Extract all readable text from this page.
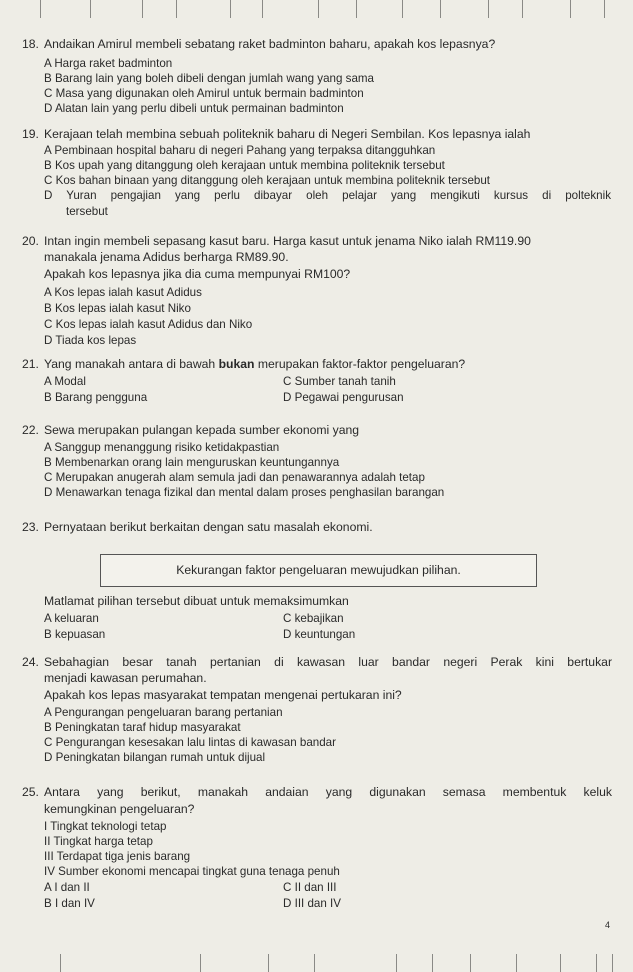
18. Andaikan Amirul membeli sebatang raket badminton baharu, apakah kos lepasnya?
A Harga raket badminton
B Barang lain yang boleh dibeli dengan jumlah wang yang sama
C Masa yang digunakan oleh Amirul untuk bermain badminton
D Alatan lain yang perlu dibeli untuk permainan badminton
19. Kerajaan telah membina sebuah politeknik baharu di Negeri Sembilan. Kos lepasnya ialah
A Pembinaan hospital baharu di negeri Pahang yang terpaksa ditangguhkan
B Kos upah yang ditanggung oleh kerajaan untuk membina politeknik tersebut
C Kos bahan binaan yang ditanggung oleh kerajaan untuk membina politeknik tersebut
D Yuran pengajian yang perlu dibayar oleh pelajar yang mengikuti kursus di polteknik
tersebut
20. Intan ingin membeli sepasang kasut baru. Harga kasut untuk jenama Niko ialah RM119.90
manakala jenama Adidus berharga RM89.90.
Apakah kos lepasnya jika dia cuma mempunyai RM100?
A Kos lepas ialah kasut Adidus
B Kos lepas ialah kasut Niko
C Kos lepas ialah kasut Adidus dan Niko
D Tiada kos lepas
21. Yang manakah antara di bawah bukan merupakan faktor-faktor pengeluaran?
A Modal	C Sumber tanah tanih
B Barang pengguna	D Pegawai pengurusan
22. Sewa merupakan pulangan kepada sumber ekonomi yang
A Sanggup menanggung risiko ketidakpastian
B Membenarkan orang lain menguruskan keuntungannya
C Merupakan anugerah alam semula jadi dan penawarannya adalah tetap
D Menawarkan tenaga fizikal dan mental dalam proses penghasilan barangan
23. Pernyataan berikut berkaitan dengan satu masalah ekonomi.
Kekurangan faktor pengeluaran mewujudkan pilihan.
Matlamat pilihan tersebut dibuat untuk memaksimumkan
A keluaran	C kebajikan
B kepuasan	D keuntungan
24. Sebahagian besar tanah pertanian di kawasan luar bandar negeri Perak kini bertukar
menjadi kawasan perumahan.
Apakah kos lepas masyarakat tempatan mengenai pertukaran ini?
A Pengurangan pengeluaran barang pertanian
B Peningkatan taraf hidup masyarakat
C Pengurangan kesesakan lalu lintas di kawasan bandar
D Peningkatan bilangan rumah untuk dijual
25. Antara yang berikut, manakah andaian yang digunakan semasa membentuk keluk
kemungkinan pengeluaran?
I Tingkat teknologi tetap
II Tingkat harga tetap
III Terdapat tiga jenis barang
IV Sumber ekonomi mencapai tingkat guna tenaga penuh
A I dan II	C II dan III
B I dan IV	D III dan IV
4
